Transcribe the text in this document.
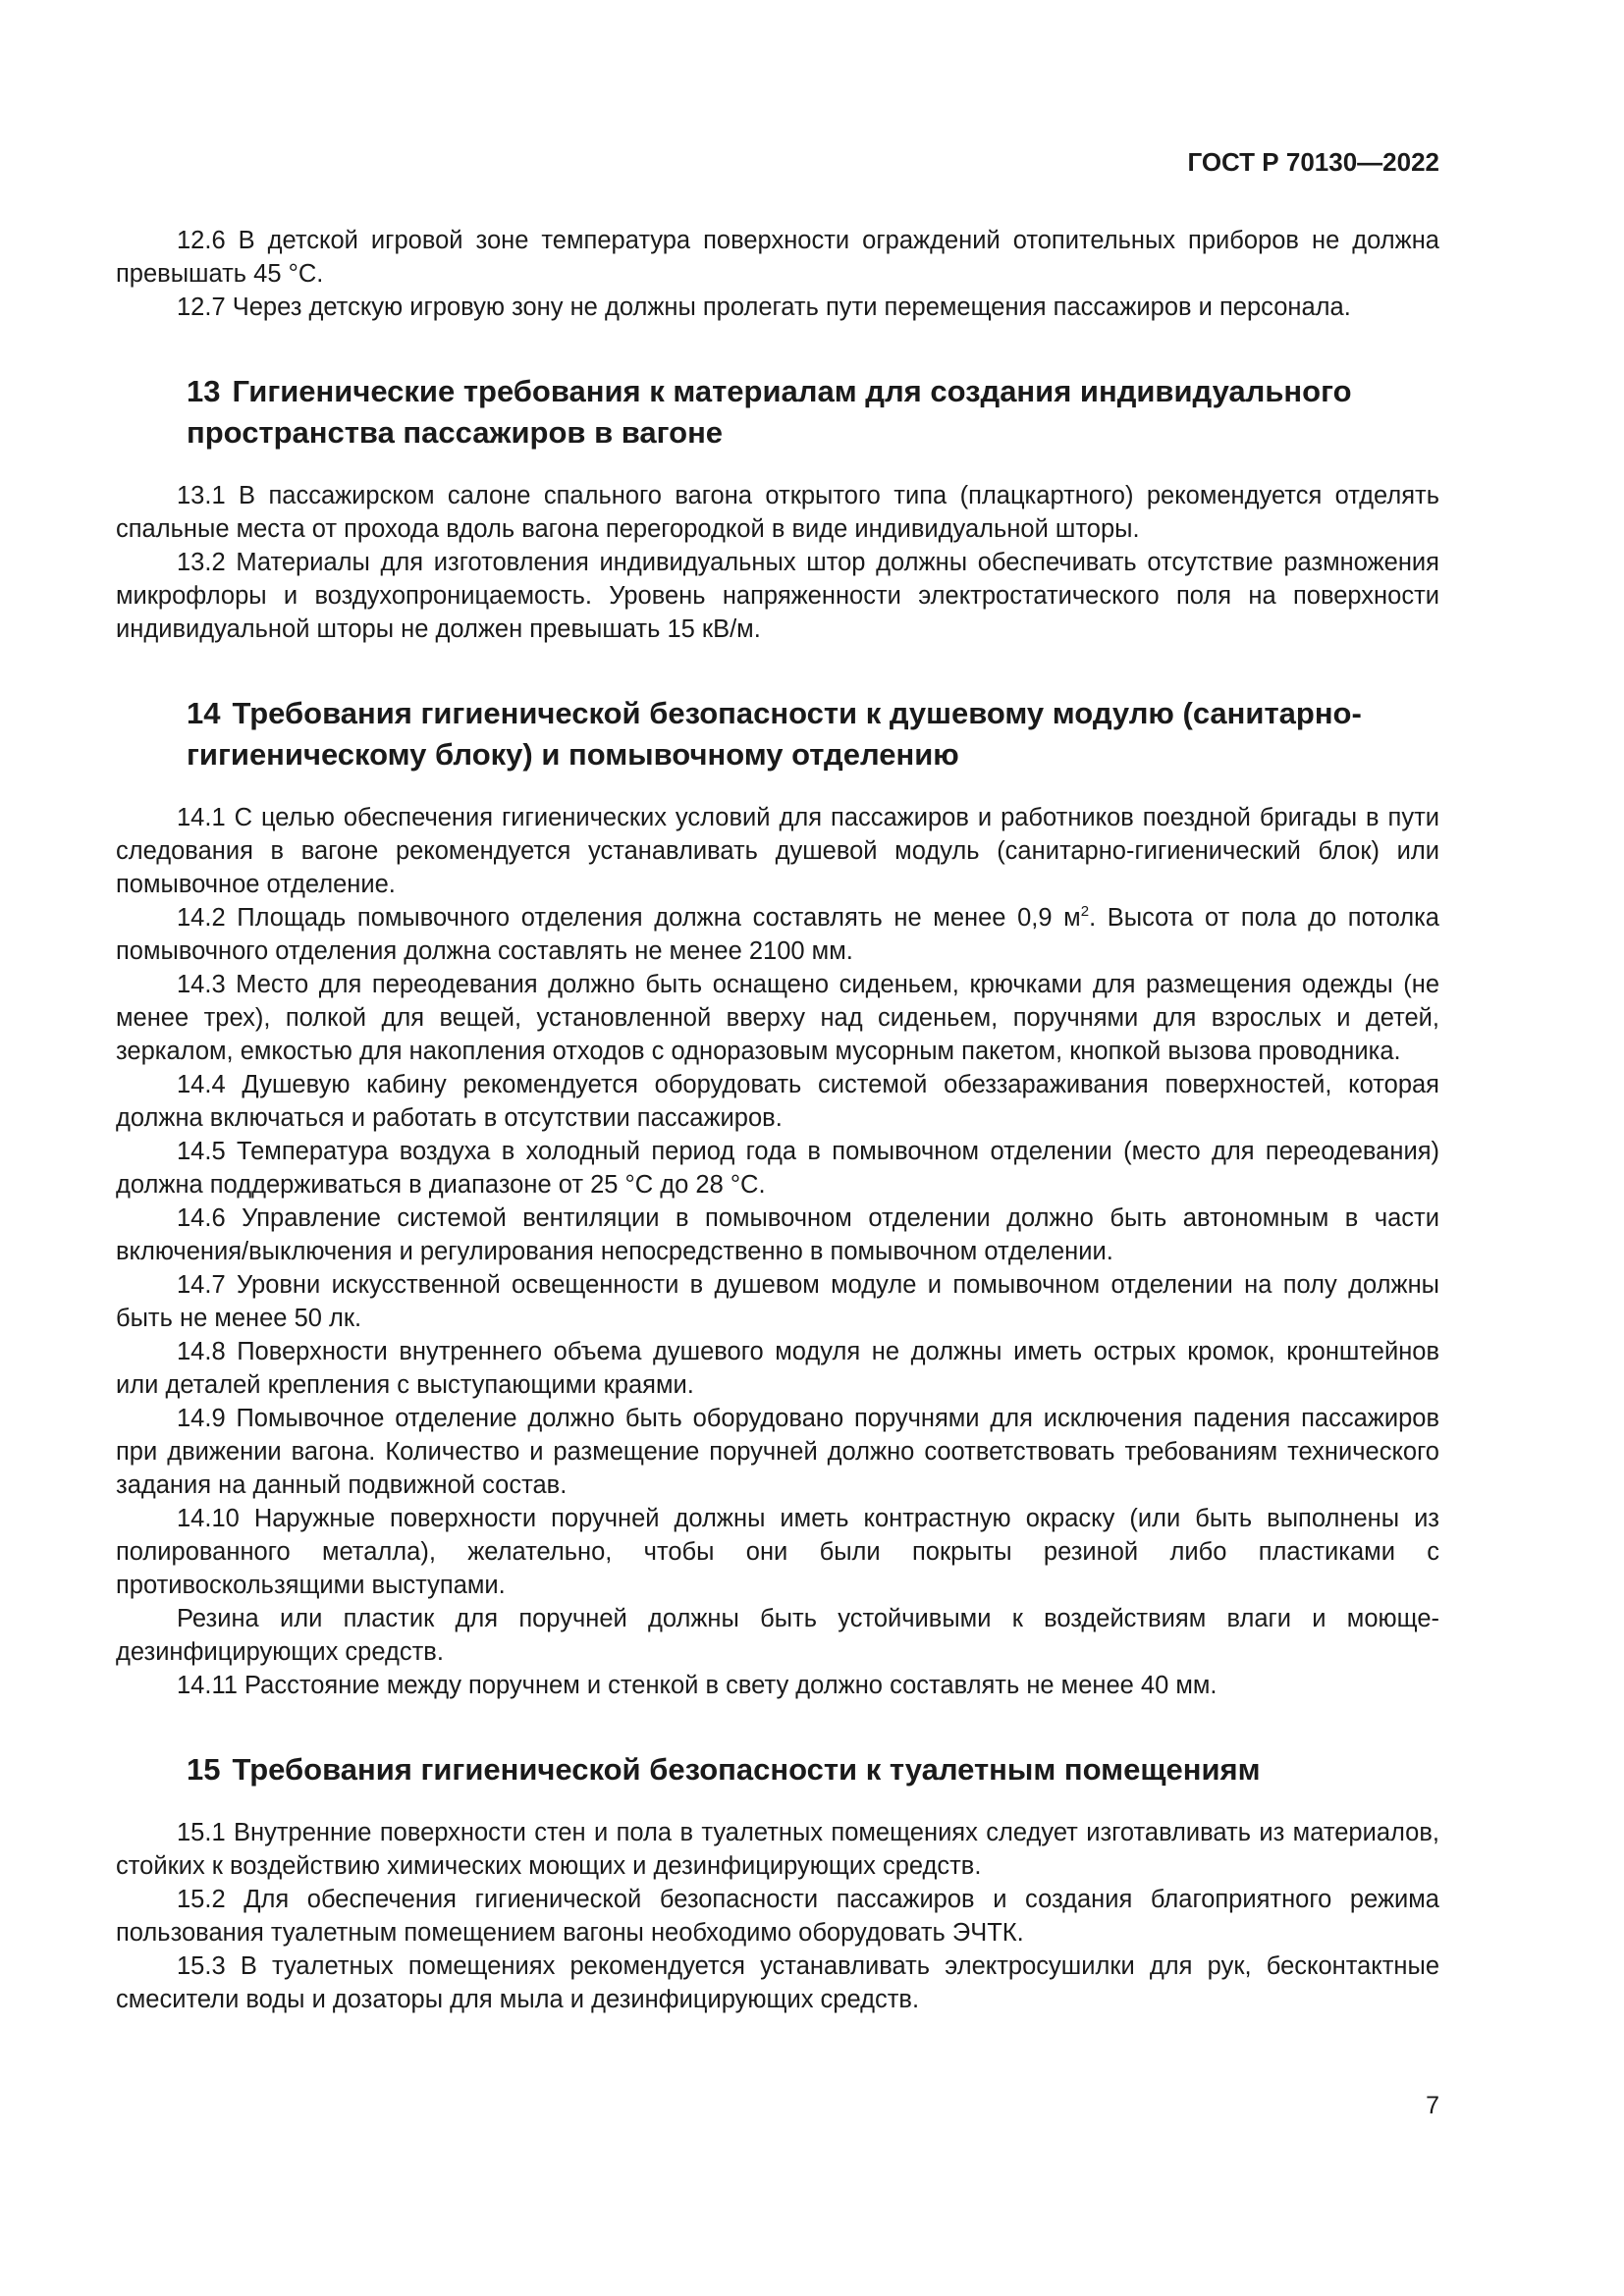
ГОСТ Р 70130—2022

12.6 В детской игровой зоне температура поверхности ограждений отопительных приборов не должна превышать 45 °С.

12.7 Через детскую игровую зону не должны пролегать пути перемещения пассажиров и персонала.

13 Гигиенические требования к материалам для создания индивидуального пространства пассажиров в вагоне

13.1 В пассажирском салоне спального вагона открытого типа (плацкартного) рекомендуется отделять спальные места от прохода вдоль вагона перегородкой в виде индивидуальной шторы.

13.2 Материалы для изготовления индивидуальных штор должны обеспечивать отсутствие размножения микрофлоры и воздухопроницаемость. Уровень напряженности электростатического поля на поверхности индивидуальной шторы не должен превышать 15 кВ/м.

14 Требования гигиенической безопасности к душевому модулю (санитарно-гигиеническому блоку) и помывочному отделению

14.1 С целью обеспечения гигиенических условий для пассажиров и работников поездной бригады в пути следования в вагоне рекомендуется устанавливать душевой модуль (санитарно-гигиенический блок) или помывочное отделение.

14.2 Площадь помывочного отделения должна составлять не менее 0,9 $м^2$. Высота от пола до потолка помывочного отделения должна составлять не менее 2100 мм.

14.3 Место для переодевания должно быть оснащено сиденьем, крючками для размещения одежды (не менее трех), полкой для вещей, установленной вверху над сиденьем, поручнями для взрослых и детей, зеркалом, емкостью для накопления отходов с одноразовым мусорным пакетом, кнопкой вызова проводника.

14.4 Душевую кабину рекомендуется оборудовать системой обеззараживания поверхностей, которая должна включаться и работать в отсутствии пассажиров.

14.5 Температура воздуха в холодный период года в помывочном отделении (место для переодевания) должна поддерживаться в диапазоне от 25 °С до 28 °С.

14.6 Управление системой вентиляции в помывочном отделении должно быть автономным в части включения/выключения и регулирования непосредственно в помывочном отделении.

14.7 Уровни искусственной освещенности в душевом модуле и помывочном отделении на полу должны быть не менее 50 лк.

14.8 Поверхности внутреннего объема душевого модуля не должны иметь острых кромок, кронштейнов или деталей крепления с выступающими краями.

14.9 Помывочное отделение должно быть оборудовано поручнями для исключения падения пассажиров при движении вагона. Количество и размещение поручней должно соответствовать требованиям технического задания на данный подвижной состав.

14.10 Наружные поверхности поручней должны иметь контрастную окраску (или быть выполнены из полированного металла), желательно, чтобы они были покрыты резиной либо пластиками с противоскользящими выступами.

Резина или пластик для поручней должны быть устойчивыми к воздействиям влаги и моюще-дезинфицирующих средств.

14.11 Расстояние между поручнем и стенкой в свету должно составлять не менее 40 мм.

15 Требования гигиенической безопасности к туалетным помещениям

15.1 Внутренние поверхности стен и пола в туалетных помещениях следует изготавливать из материалов, стойких к воздействию химических моющих и дезинфицирующих средств.

15.2 Для обеспечения гигиенической безопасности пассажиров и создания благоприятного режима пользования туалетным помещением вагоны необходимо оборудовать ЭЧТК.

15.3 В туалетных помещениях рекомендуется устанавливать электросушилки для рук, бесконтактные смесители воды и дозаторы для мыла и дезинфицирующих средств.

7
